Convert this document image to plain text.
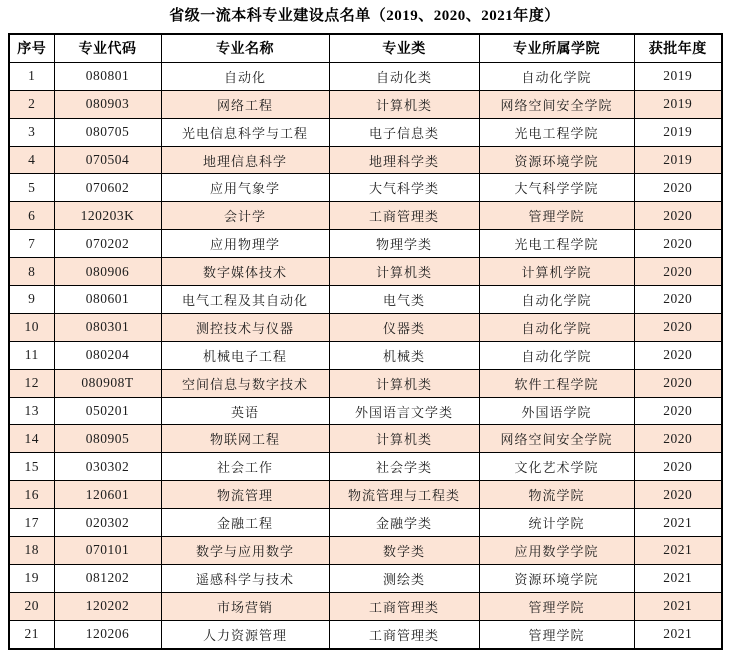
省级一流本科专业建设点名单（2019、2020、2021年度）
序号	专业代码	专业名称	专业类	专业所属学院	获批年度
1	080801	自动化	自动化类	自动化学院	2019
2	080903	网络工程	计算机类	网络空间安全学院	2019
3	080705	光电信息科学与工程	电子信息类	光电工程学院	2019
4	070504	地理信息科学	地理科学类	资源环境学院	2019
5	070602	应用气象学	大气科学类	大气科学学院	2020
6	120203K	会计学	工商管理类	管理学院	2020
7	070202	应用物理学	物理学类	光电工程学院	2020
8	080906	数字媒体技术	计算机类	计算机学院	2020
9	080601	电气工程及其自动化	电气类	自动化学院	2020
10	080301	测控技术与仪器	仪器类	自动化学院	2020
11	080204	机械电子工程	机械类	自动化学院	2020
12	080908T	空间信息与数字技术	计算机类	软件工程学院	2020
13	050201	英语	外国语言文学类	外国语学院	2020
14	080905	物联网工程	计算机类	网络空间安全学院	2020
15	030302	社会工作	社会学类	文化艺术学院	2020
16	120601	物流管理	物流管理与工程类	物流学院	2020
17	020302	金融工程	金融学类	统计学院	2021
18	070101	数学与应用数学	数学类	应用数学学院	2021
19	081202	遥感科学与技术	测绘类	资源环境学院	2021
20	120202	市场营销	工商管理类	管理学院	2021
21	120206	人力资源管理	工商管理类	管理学院	2021
